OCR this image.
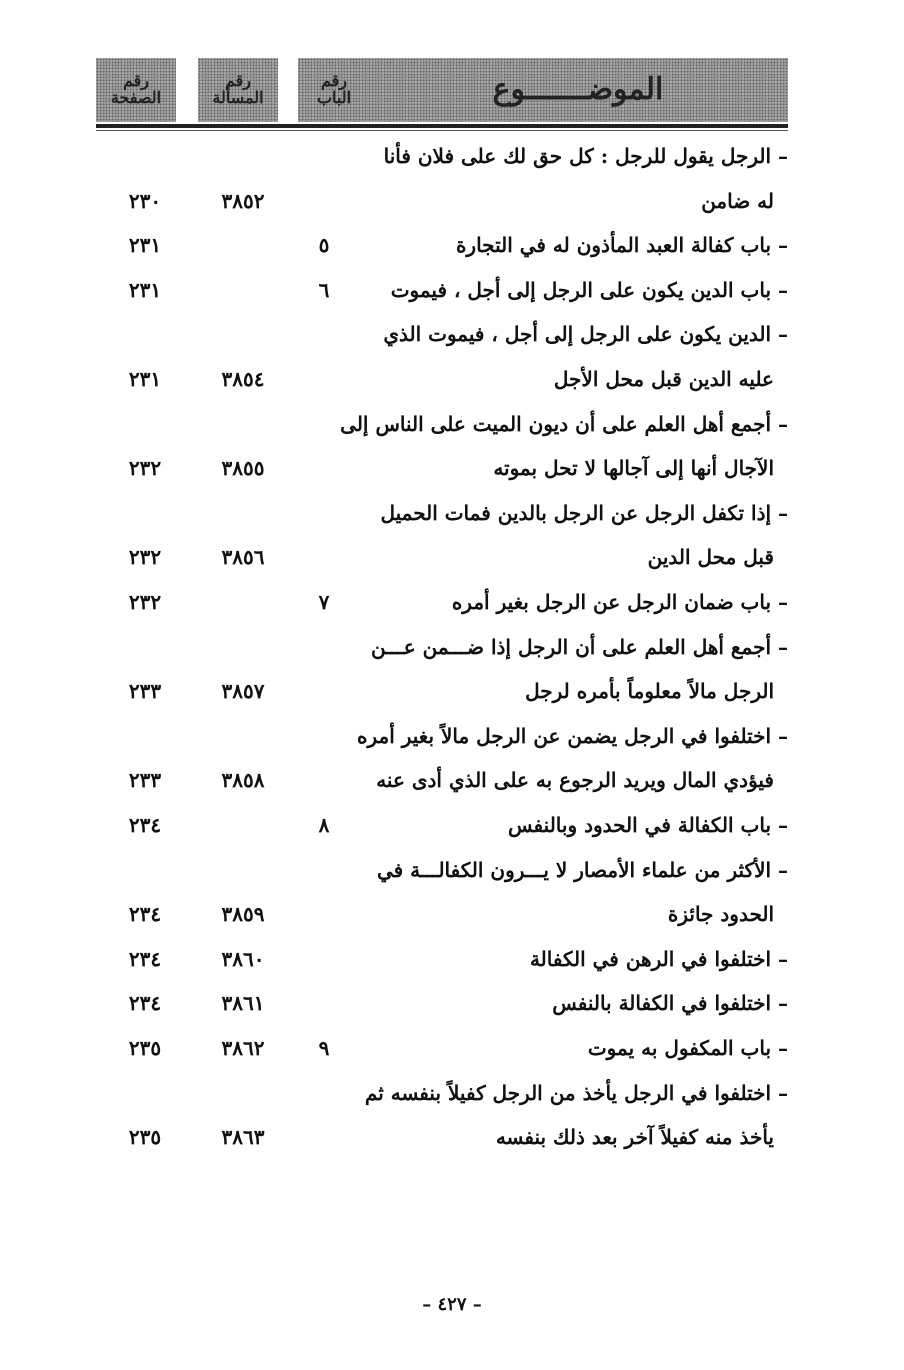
رقم
الصفحة
رقم
المسألة
رقم
الباب	الموضـــــــوع
– الرجل يقول للرجل : كل حق لك على فلان فأنا
له ضامن
٣٨٥٢
٢٣٠
– باب كفالة العبد المأذون له في التجارة
٥
٢٣١
– باب الدين يكون على الرجل إلى أجل ، فيموت
٦
٢٣١
– الدين يكون على الرجل إلى أجل ، فيموت الذي
عليه الدين قبل محل الأجل
٣٨٥٤
٢٣١
– أجمع أهل العلم على أن ديون الميت على الناس إلى
الآجال أنها إلى آجالها لا تحل بموته
٣٨٥٥
٢٣٢
– إذا تكفل الرجل عن الرجل بالدين فمات الحميل
قبل محل الدين
٣٨٥٦
٢٣٢
– باب ضمان الرجل عن الرجل بغير أمره
٧
٢٣٢
– أجمع أهل العلم على أن الرجل إذا ضـــمن عـــن
الرجل مالاً معلوماً بأمره لرجل
٣٨٥٧
٢٣٣
– اختلفوا في الرجل يضمن عن الرجل مالاً بغير أمره
فيؤدي المال ويريد الرجوع به على الذي أدى عنه
٣٨٥٨
٢٣٣
– باب الكفالة في الحدود وبالنفس
٨
٢٣٤
– الأكثر من علماء الأمصار لا يـــرون الكفالـــة في
الحدود جائزة
٣٨٥٩
٢٣٤
– اختلفوا في الرهن في الكفالة
٣٨٦٠
٢٣٤
– اختلفوا في الكفالة بالنفس
٣٨٦١
٢٣٤
– باب المكفول به يموت
٩
٣٨٦٢
٢٣٥
– اختلفوا في الرجل يأخذ من الرجل كفيلاً بنفسه ثم
يأخذ منه كفيلاً آخر بعد ذلك بنفسه
٣٨٦٣
٢٣٥
– ٤٢٧ –
